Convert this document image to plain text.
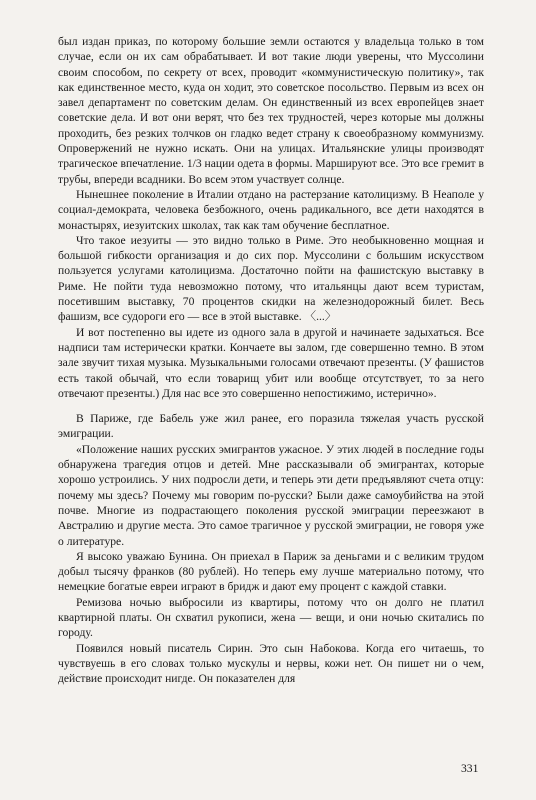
был издан приказ, по которому большие земли остаются у владельца только в том случае, если он их сам обрабатывает. И вот такие люди уверены, что Муссолини своим способом, по секрету от всех, проводит «коммунистическую политику», так как единственное место, куда он ходит, это советское посольство. Первым из всех он завел департамент по советским делам. Он единственный из всех европейцев знает советские дела. И вот они верят, что без тех трудностей, через которые мы должны проходить, без резких толчков он гладко ведет страну к своеобразному коммунизму. Опровержений не нужно искать. Они на улицах. Итальянские улицы производят трагическое впечатление. 1/3 нации одета в формы. Маршируют все. Это все гремит в трубы, впереди всадники. Во всем этом участвует солнце.

Нынешнее поколение в Италии отдано на растерзание католицизму. В Неаполе у социал-демократа, человека безбожного, очень радикального, все дети находятся в монастырях, иезуитских школах, так как там обучение бесплатное.

Что такое иезуиты — это видно только в Риме. Это необыкновенно мощная и большой гибкости организация и до сих пор. Муссолини с большим искусством пользуется услугами католицизма. Достаточно пойти на фашистскую выставку в Риме. Не пойти туда невозможно потому, что итальянцы дают всем туристам, посетившим выставку, 70 процентов скидки на железнодорожный билет. Весь фашизм, все судороги его — все в этой выставке. 〈...〉

И вот постепенно вы идете из одного зала в другой и начинаете задыхаться. Все надписи там истерически кратки. Кончаете вы залом, где совершенно темно. В этом зале звучит тихая музыка. Музыкальными голосами отвечают презенты. (У фашистов есть такой обычай, что если товарищ убит или вообще отсутствует, то за него отвечают презенты.) Для нас все это совершенно непостижимо, истерично».

В Париже, где Бабель уже жил ранее, его поразила тяжелая участь русской эмиграции.

«Положение наших русских эмигрантов ужасное. У этих людей в последние годы обнаружена трагедия отцов и детей. Мне рассказывали об эмигрантах, которые хорошо устроились. У них подросли дети, и теперь эти дети предъявляют счета отцу: почему мы здесь? Почему мы говорим по-русски? Были даже самоубийства на этой почве. Многие из подрастающего поколения русской эмиграции переезжают в Австралию и другие места. Это самое трагичное у русской эмиграции, не говоря уже о литературе.

Я высоко уважаю Бунина. Он приехал в Париж за деньгами и с великим трудом добыл тысячу франков (80 рублей). Но теперь ему лучше материально потому, что немецкие богатые евреи играют в бридж и дают ему процент с каждой ставки.

Ремизова ночью выбросили из квартиры, потому что он долго не платил квартирной платы. Он схватил рукописи, жена — вещи, и они ночью скитались по городу.

Появился новый писатель Сирин. Это сын Набокова. Когда его читаешь, то чувствуешь в его словах только мускулы и нервы, кожи нет. Он пишет ни о чем, действие происходит нигде. Он показателен для

331
